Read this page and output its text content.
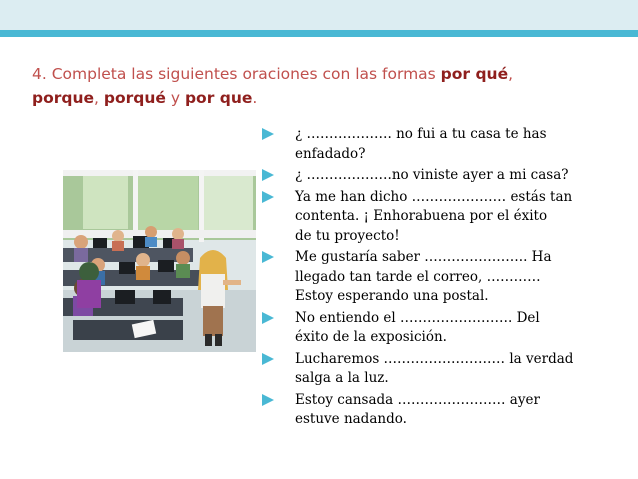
4. Completa las siguientes oraciones con las formas por qué,
porque, porqué y por que.
¿ ………………. no fui a tu casa te has
enfadado?
¿ ……………….no viniste ayer a mi casa?
Ya me han dicho ………………… estás tan
contenta. ¡ Enhorabuena por el éxito
de tu proyecto!
Me gustaría saber ………………….. Ha
llegado tan tarde el correo, …………
Estoy esperando una postal.
No entiendo el ……………………. Del
éxito de la exposición.
Lucharemos ……………………… la verdad
salga a la luz.
Estoy cansada …………………… ayer
estuve nadando.
